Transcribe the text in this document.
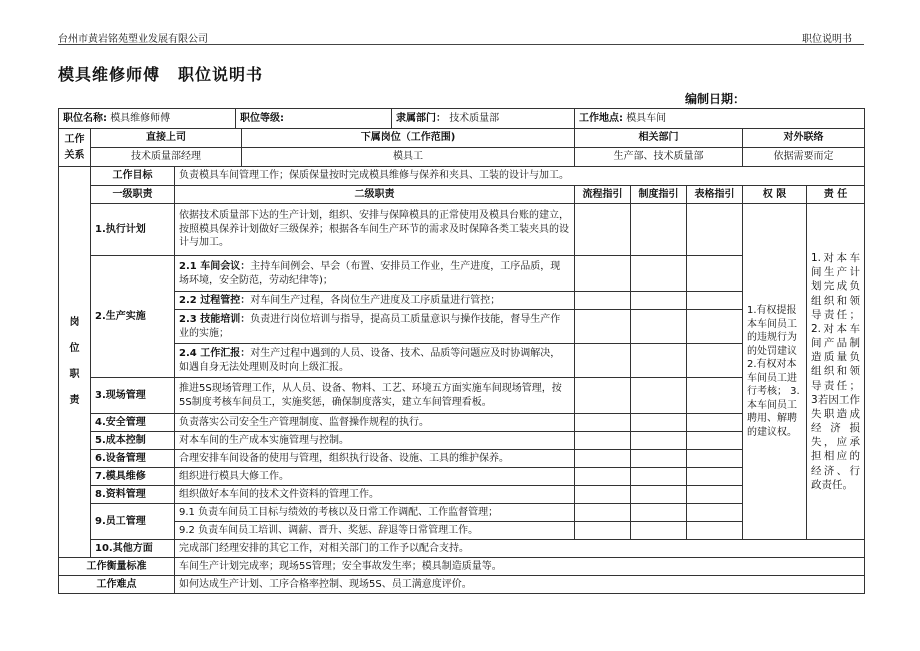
台州市黄岩铭苑塑业发展有限公司	职位说明书
模具维修师傅 职位说明书
编制日期：
职位名称: 模具维修师傅 职位等级: 隶属部门： 技术质量部			工作地点: 模具车间				
工作关系	直接上司 下属岗位（工作范围)		相关部门			对外联络	

	技术质量部经理 模具工		生产部、技术质量部			依据需要而定	
岗位职责	工作目标	负责模具车间管理工作；保质保量按时完成模具维修与保养和夹具、工装的设计与加工。					
	一级职责	二级职责	流程指引	制度指引	表格指引	权 限	责 任
	1.执行计划	依据技术质量部下达的生产计划，组织、安排与保障模具的正常使用及模具台账的建立，按照模具保养计划做好三级保养；根据各车间生产环节的需求及时保障各类工装夹具的设计与加工。				1.有权提报本车间员工的违规行为的处罚建议 2.有权对本车间员工进行考核； 3.本车间员工聘用、解聘的建议权。	1.对本车间生产计划完成负组织和领导责任； 2.对本车间产品制造质量负组织和领导责任； 3若因工作失职造成经济损失，应承担相应的经济、行政责任。
	2.生产实施	2.1 车间会议：主持车间例会、早会（布置、安排员工作业，生产进度，工序品质，现场环境，安全防范，劳动纪律等)；					
		2.2 过程管控：对车间生产过程，各岗位生产进度及工序质量进行管控；					
		2.3 技能培训：负责进行岗位培训与指导，提高员工质量意识与操作技能，督导生产作业的实施；					
		2.4 工作汇报：对生产过程中遇到的人员、设备、技术、品质等问题应及时协调解决，如遇自身无法处理则及时向上级汇报。					
	3.现场管理	推进5S现场管理工作，从人员、设备、物料、工艺、环境五方面实施车间现场管理，按5S制度考核车间员工，实施奖惩，确保制度落实，建立车间管理看板。					
	4.安全管理	负责落实公司安全生产管理制度、监督操作规程的执行。					
	5.成本控制	对本车间的生产成本实施管理与控制。					
	6.设备管理	合理安排车间设备的使用与管理，组织执行设备、设施、工具的维护保养。					
	7.模具维修	组织进行模具大修工作。					
	8.资料管理	组织做好本车间的技术文件资料的管理工作。					
	9.员工管理	9.1 负责车间员工目标与绩效的考核以及日常工作调配、工作监督管理；					
		9.2 负责车间员工培训、调薪、晋升、奖惩、辞退等日常管理工作。					
	10.其他方面	完成部门经理安排的其它工作，对相关部门的工作予以配合支持。					
工作衡量标准		车间生产计划完成率；现场5S管理；安全事故发生率；模具制造质量等。					
工作难点		如何达成生产计划、工序合格率控制、现场5S、员工满意度评价。					
